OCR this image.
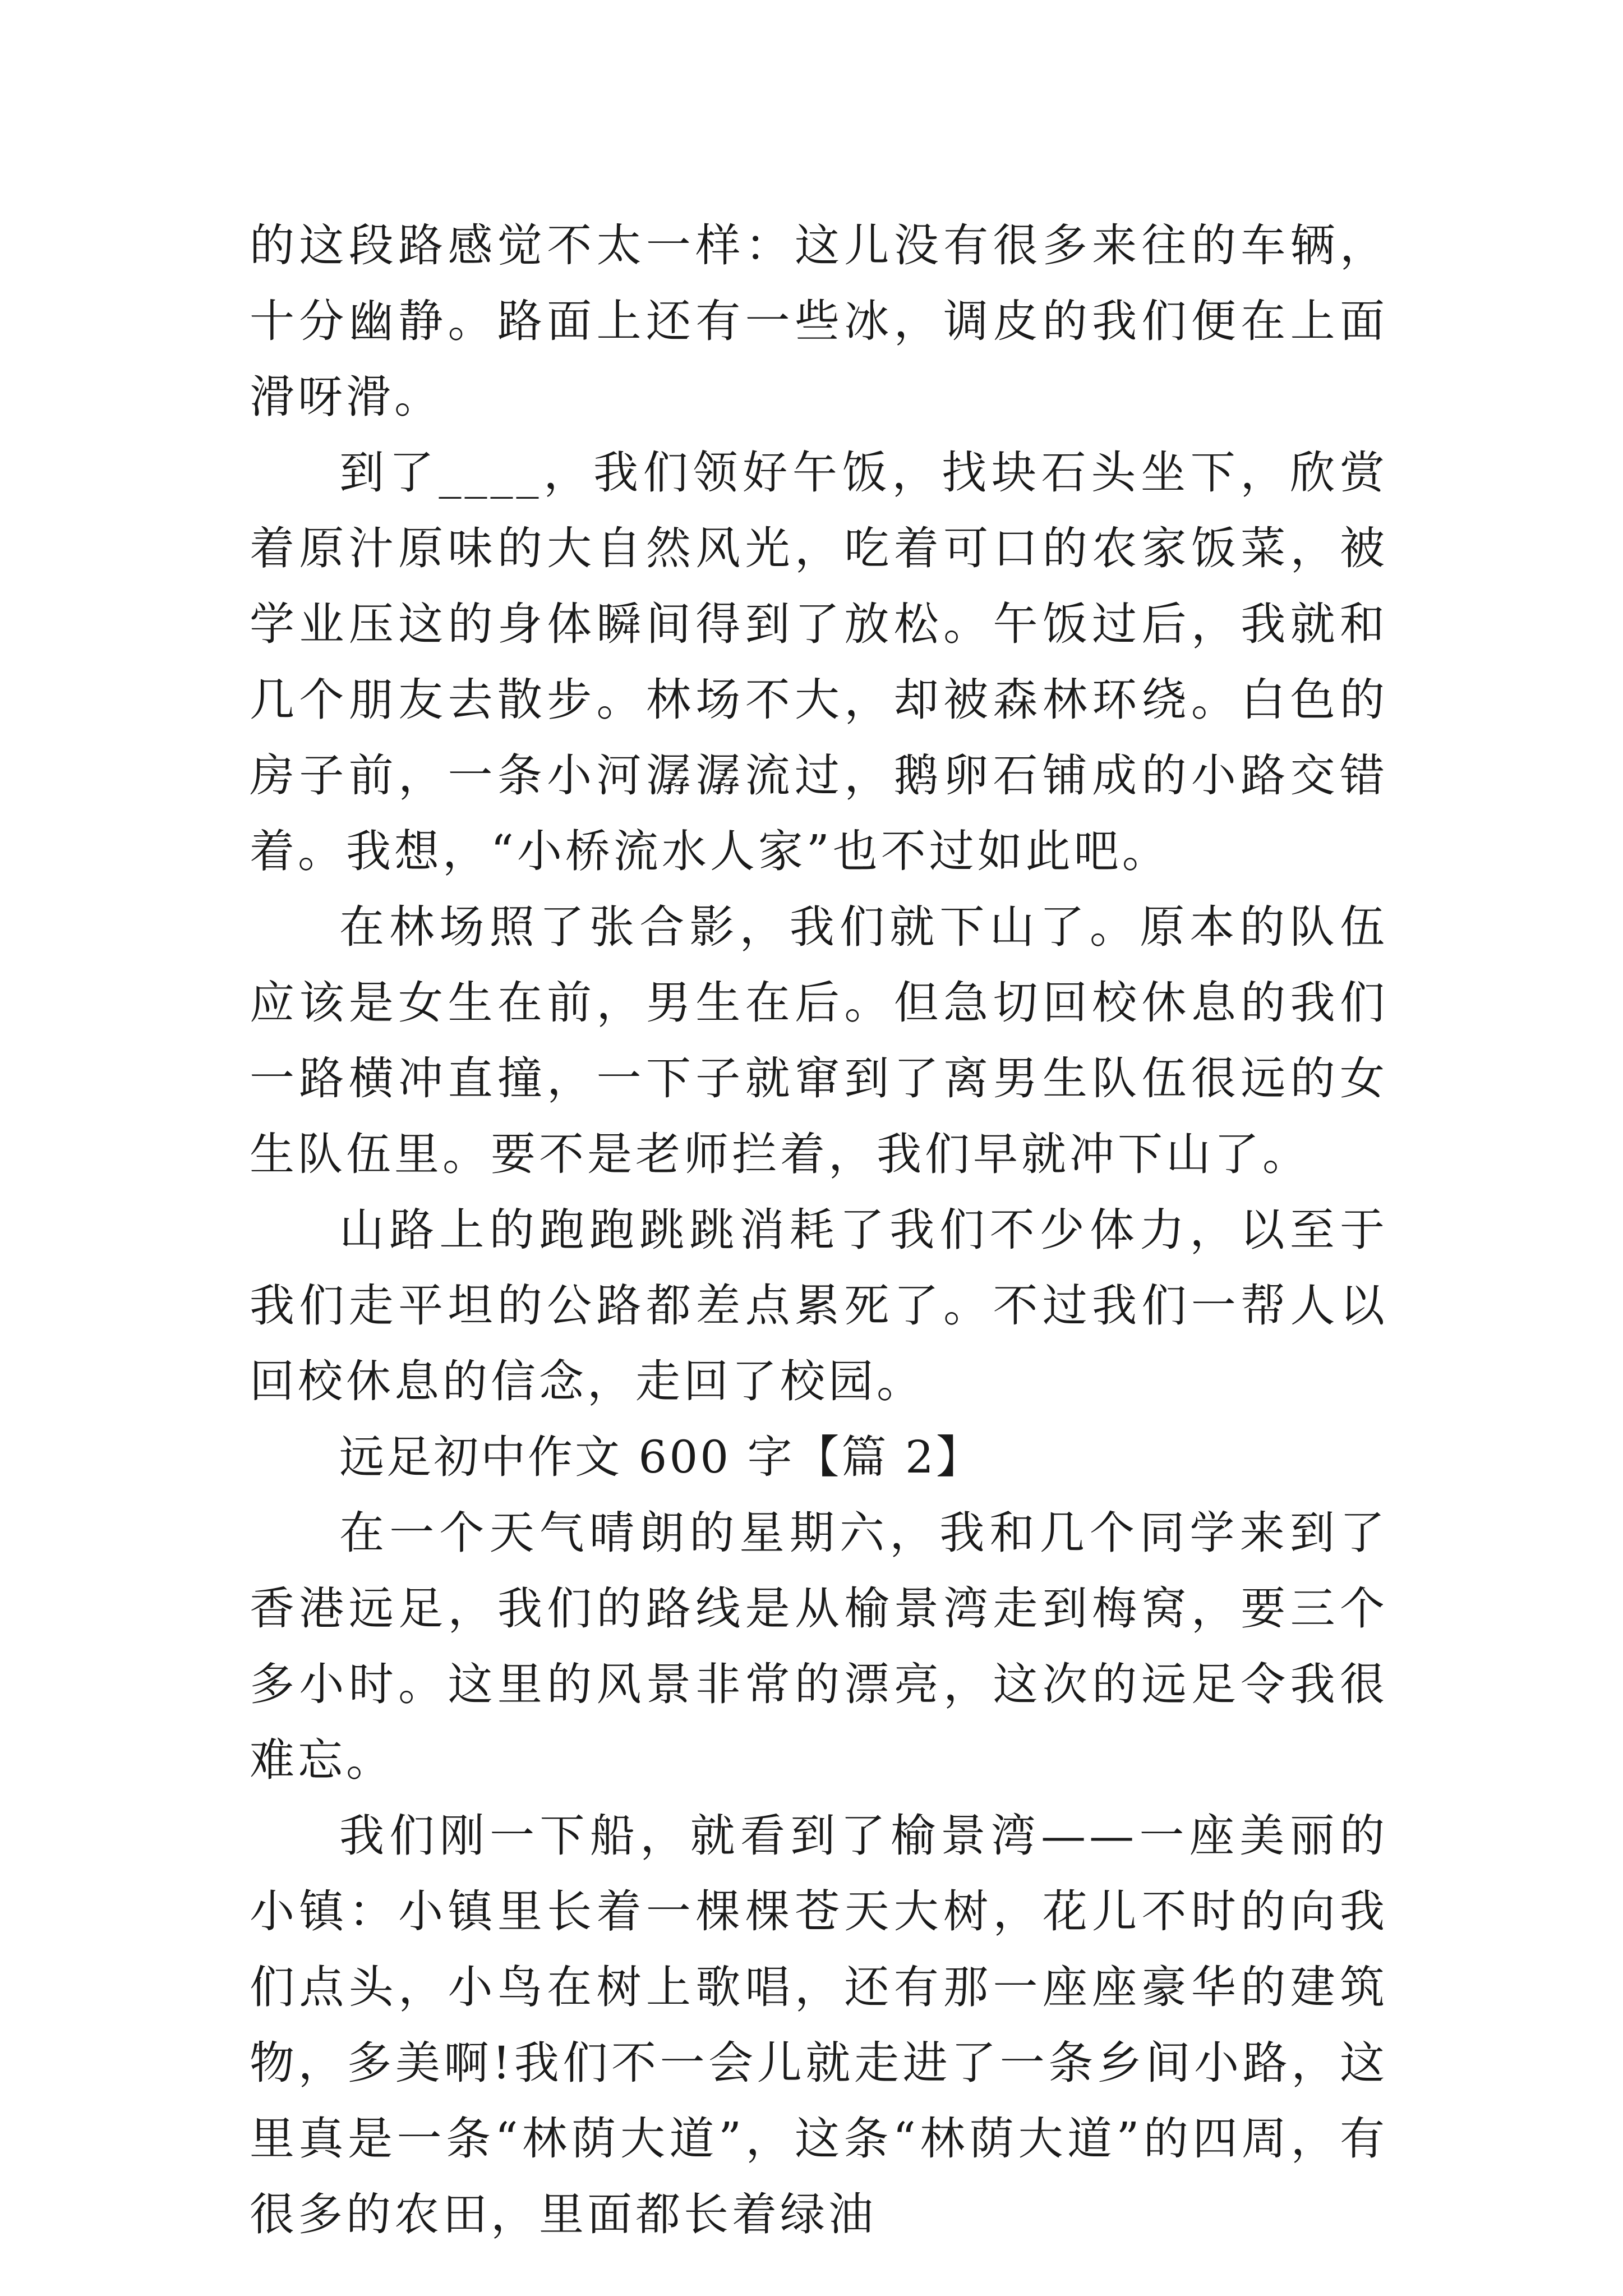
的这段路感觉不太一样：这儿没有很多来往的车辆，十分幽静。路面上还有一些冰，调皮的我们便在上面滑呀滑。

到了____，我们领好午饭，找块石头坐下，欣赏着原汁原味的大自然风光，吃着可口的农家饭菜，被学业压这的身体瞬间得到了放松。午饭过后，我就和几个朋友去散步。林场不大，却被森林环绕。白色的房子前，一条小河潺潺流过，鹅卵石铺成的小路交错着。我想，“小桥流水人家”也不过如此吧。

在林场照了张合影，我们就下山了。原本的队伍应该是女生在前，男生在后。但急切回校休息的我们一路横冲直撞，一下子就窜到了离男生队伍很远的女生队伍里。要不是老师拦着，我们早就冲下山了。

山路上的跑跑跳跳消耗了我们不少体力，以至于我们走平坦的公路都差点累死了。不过我们一帮人以回校休息的信念，走回了校园。

远足初中作文 600 字【篇 2】

在一个天气晴朗的星期六，我和几个同学来到了香港远足，我们的路线是从榆景湾走到梅窝，要三个多小时。这里的风景非常的漂亮，这次的远足令我很难忘。

我们刚一下船，就看到了榆景湾——一座美丽的小镇：小镇里长着一棵棵苍天大树，花儿不时的向我们点头，小鸟在树上歌唱，还有那一座座豪华的建筑物，多美啊!我们不一会儿就走进了一条乡间小路，这里真是一条“林荫大道”，这条“林荫大道”的四周，有很多的农田，里面都长着绿油
